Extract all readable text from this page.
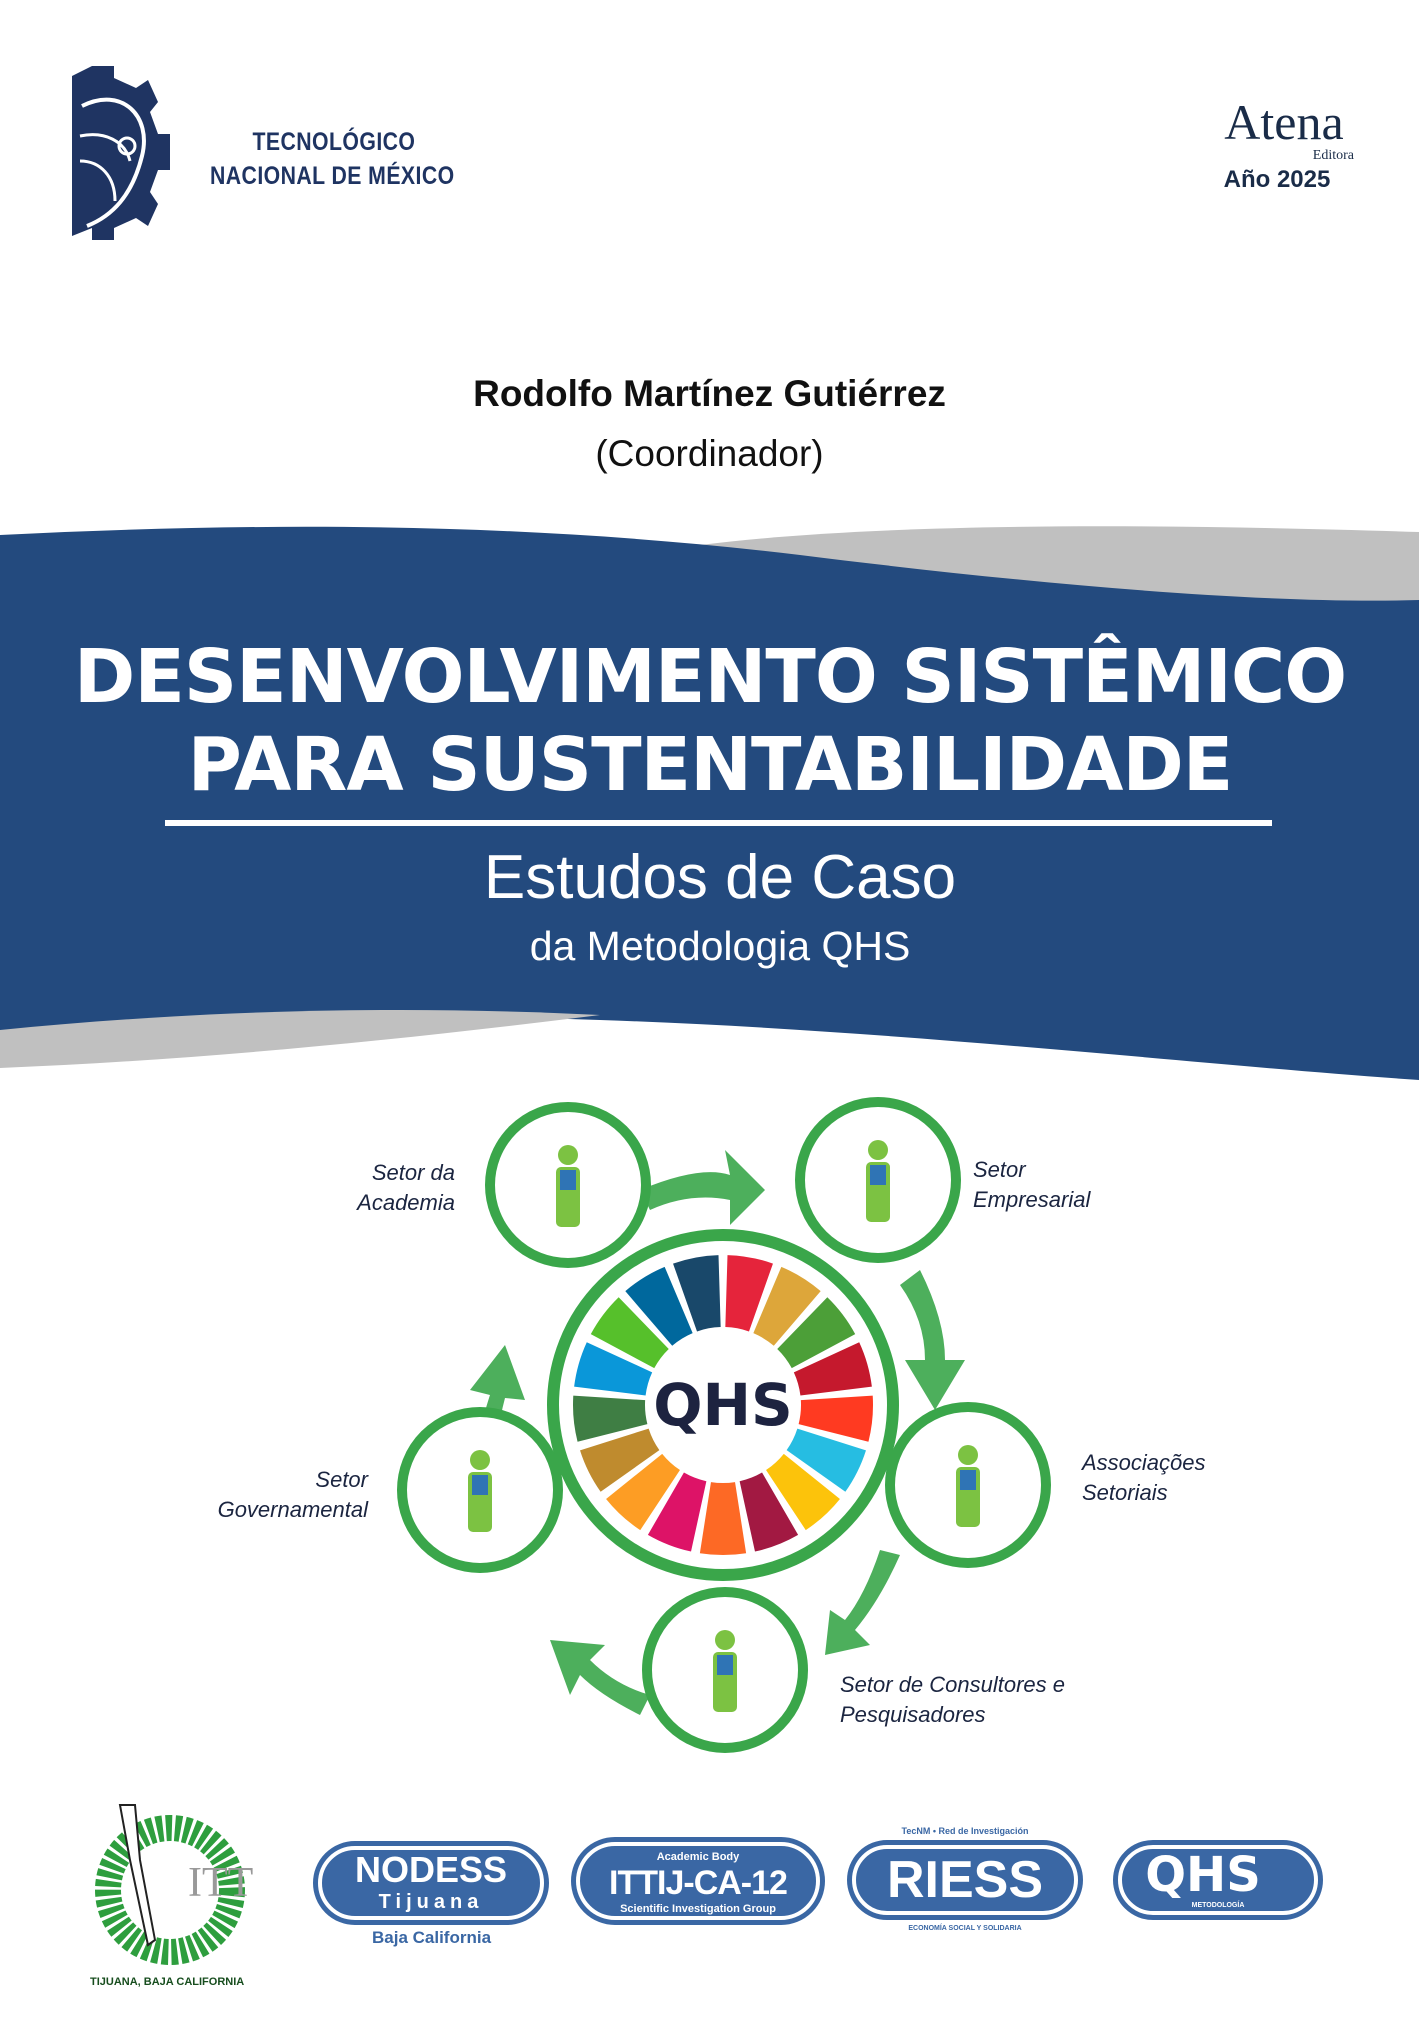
TECNOLÓGICO
NACIONAL DE MÉXICO
Atena
Editora
Año 2025
Rodolfo Martínez Gutiérrez
(Coordinador)
DESENVOLVIMENTO SISTÊMICO
PARA SUSTENTABILIDADE
Estudos de Caso
da Metodologia QHS
QHS
Setor da
Academia
Setor
Empresarial
Associações
Setoriais
Setor de Consultores e
Pesquisadores
Setor
Governamental
ITT
TIJUANA, BAJA CALIFORNIA
NODESS
Tijuana
Baja California
Academic Body
ITTIJ-CA-12
Scientific Investigation Group
TecNM • Red de Investigación
RIESS
ECONOMÍA SOCIAL Y SOLIDARIA
QHS
METODOLOGÍA
